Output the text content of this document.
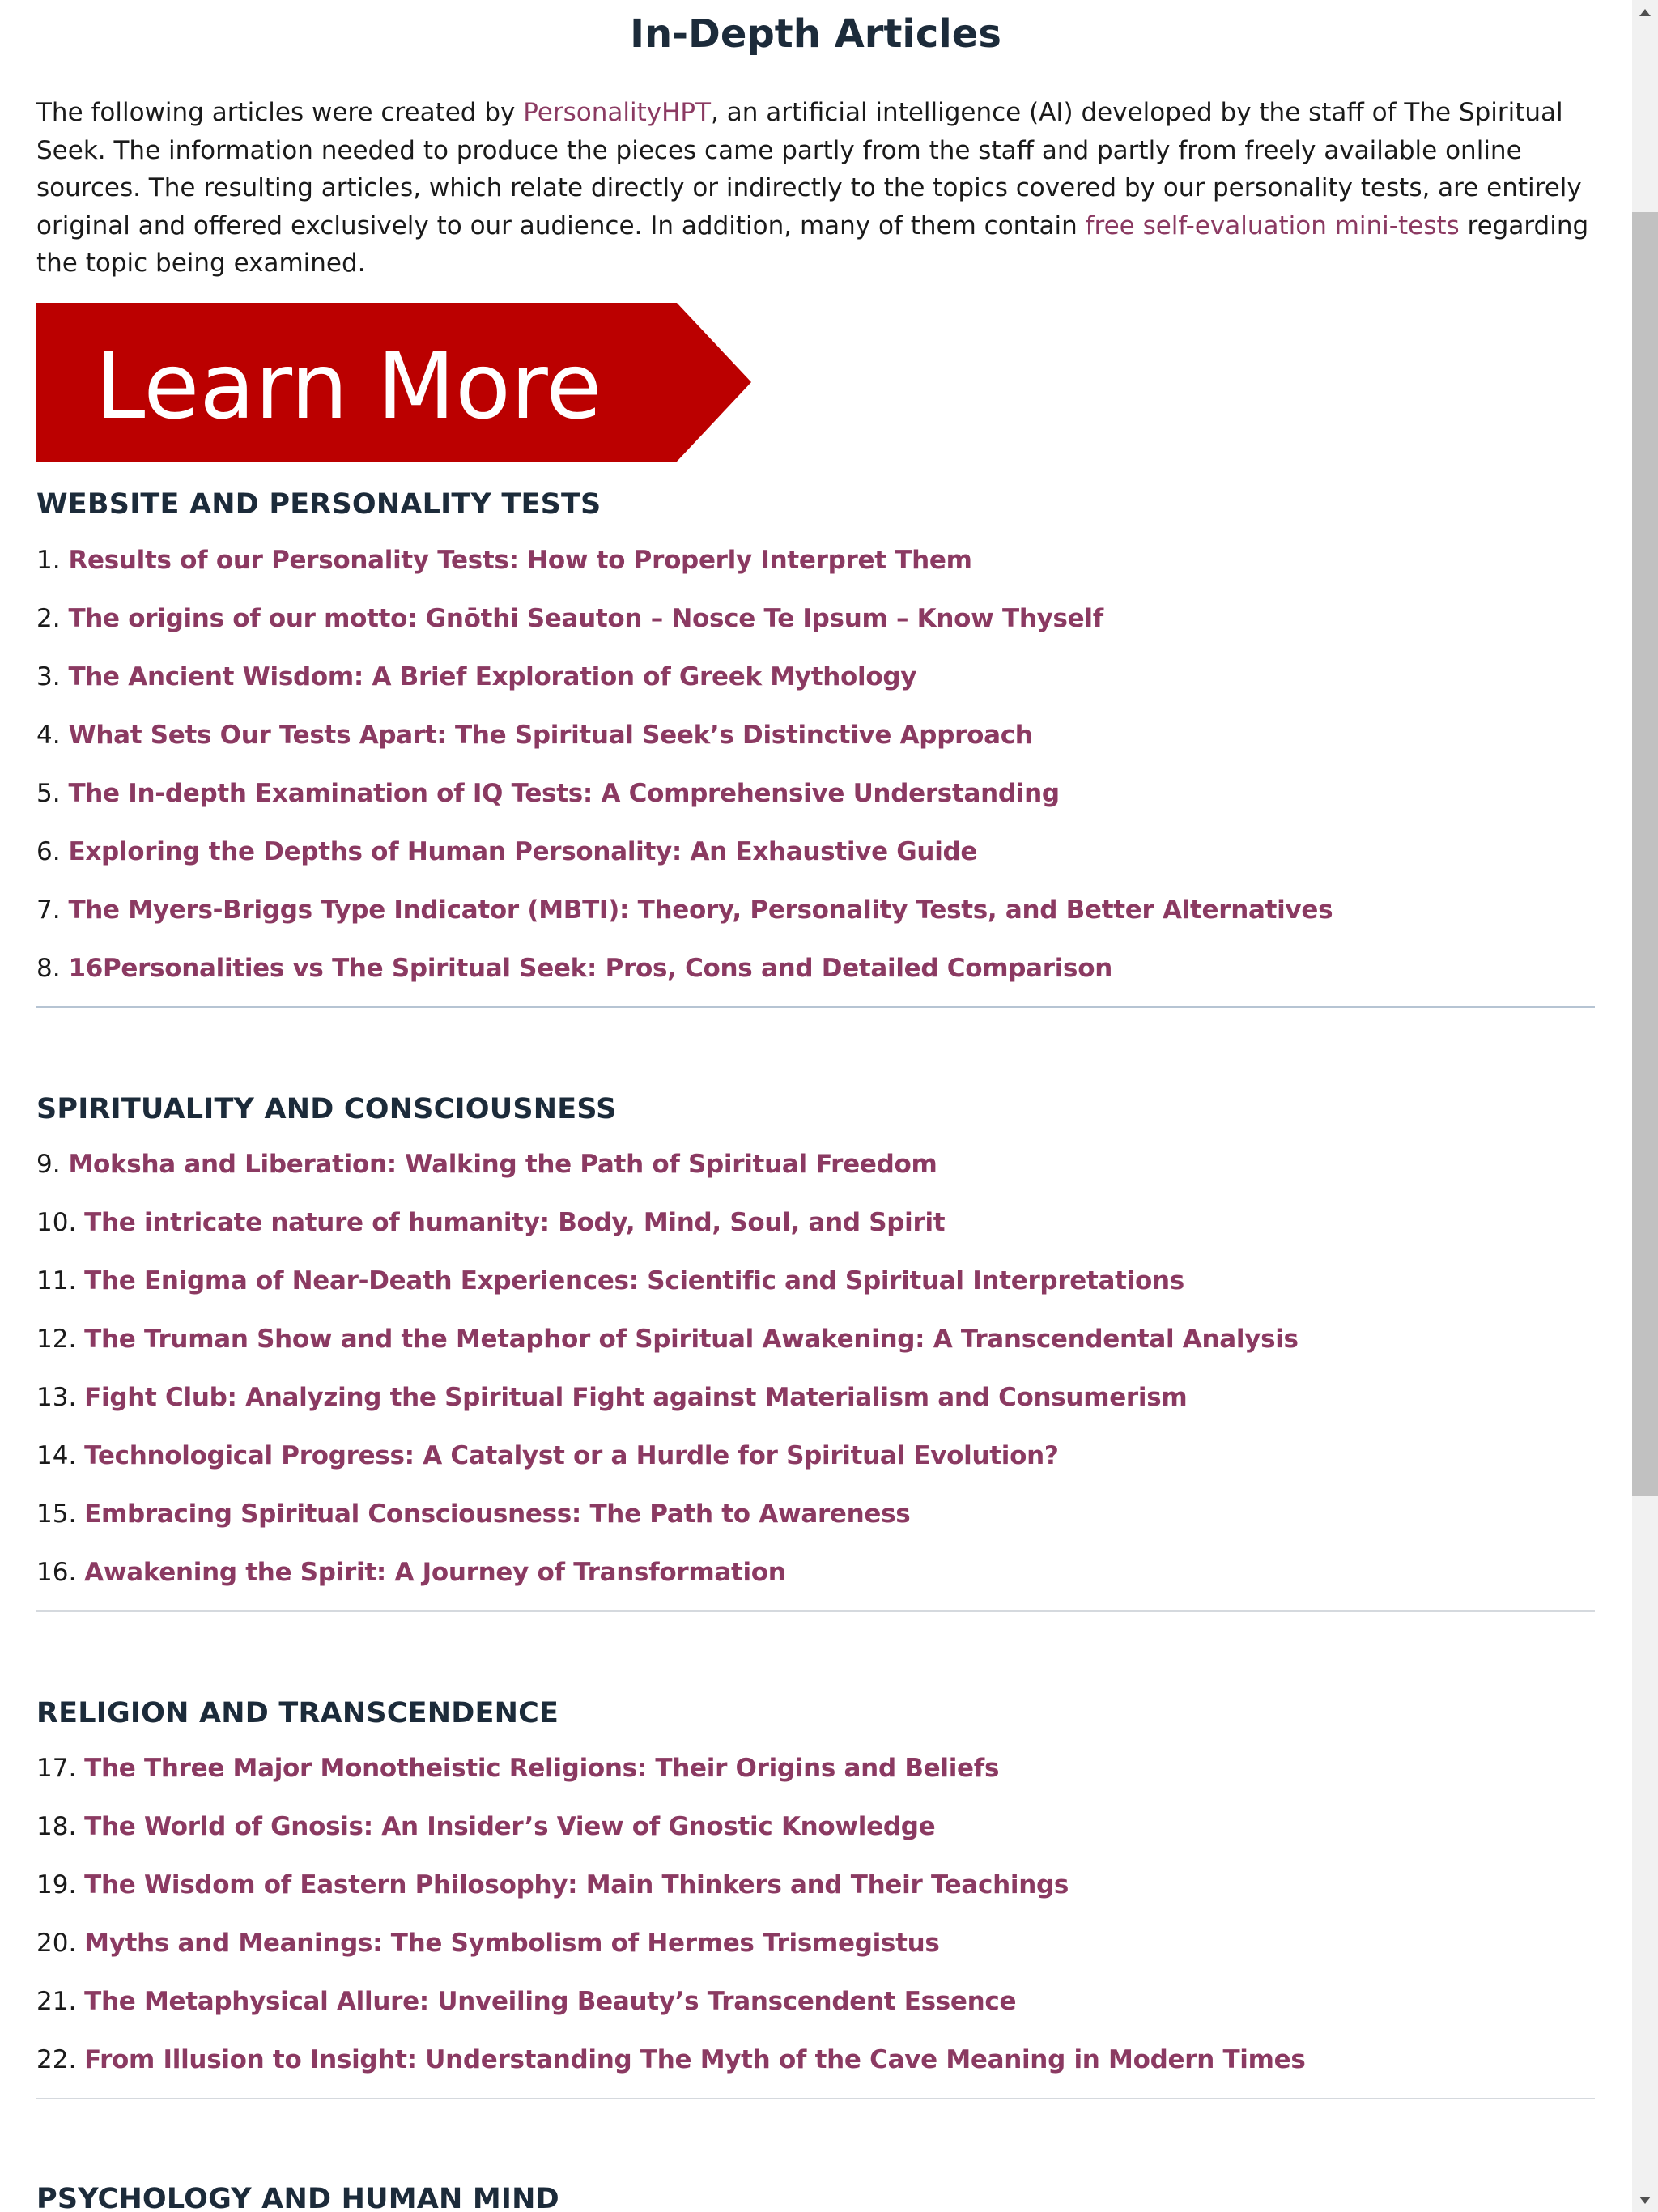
In-Depth Articles

The following articles were created by PersonalityHPT, an artificial intelligence (AI) developed by the staff of The Spiritual Seek. The information needed to produce the pieces came partly from the staff and partly from freely available online sources. The resulting articles, which relate directly or indirectly to the topics covered by our personality tests, are entirely original and offered exclusively to our audience. In addition, many of them contain free self-evaluation mini-tests regarding the topic being examined.

Learn More
WEBSITE AND PERSONALITY TESTS
1. Results of our Personality Tests: How to Properly Interpret Them
2. The origins of our motto: Gnōthi Seauton – Nosce Te Ipsum – Know Thyself
3. The Ancient Wisdom: A Brief Exploration of Greek Mythology
4. What Sets Our Tests Apart: The Spiritual Seek’s Distinctive Approach
5. The In-depth Examination of IQ Tests: A Comprehensive Understanding
6. Exploring the Depths of Human Personality: An Exhaustive Guide
7. The Myers-Briggs Type Indicator (MBTI): Theory, Personality Tests, and Better Alternatives
8. 16Personalities vs The Spiritual Seek: Pros, Cons and Detailed Comparison
SPIRITUALITY AND CONSCIOUSNESS
9. Moksha and Liberation: Walking the Path of Spiritual Freedom
10. The intricate nature of humanity: Body, Mind, Soul, and Spirit
11. The Enigma of Near-Death Experiences: Scientific and Spiritual Interpretations
12. The Truman Show and the Metaphor of Spiritual Awakening: A Transcendental Analysis
13. Fight Club: Analyzing the Spiritual Fight against Materialism and Consumerism
14. Technological Progress: A Catalyst or a Hurdle for Spiritual Evolution?
15. Embracing Spiritual Consciousness: The Path to Awareness
16. Awakening the Spirit: A Journey of Transformation
RELIGION AND TRANSCENDENCE
17. The Three Major Monotheistic Religions: Their Origins and Beliefs
18. The World of Gnosis: An Insider’s View of Gnostic Knowledge
19. The Wisdom of Eastern Philosophy: Main Thinkers and Their Teachings
20. Myths and Meanings: The Symbolism of Hermes Trismegistus
21. The Metaphysical Allure: Unveiling Beauty’s Transcendent Essence
22. From Illusion to Insight: Understanding The Myth of the Cave Meaning in Modern Times
PSYCHOLOGY AND HUMAN MIND
